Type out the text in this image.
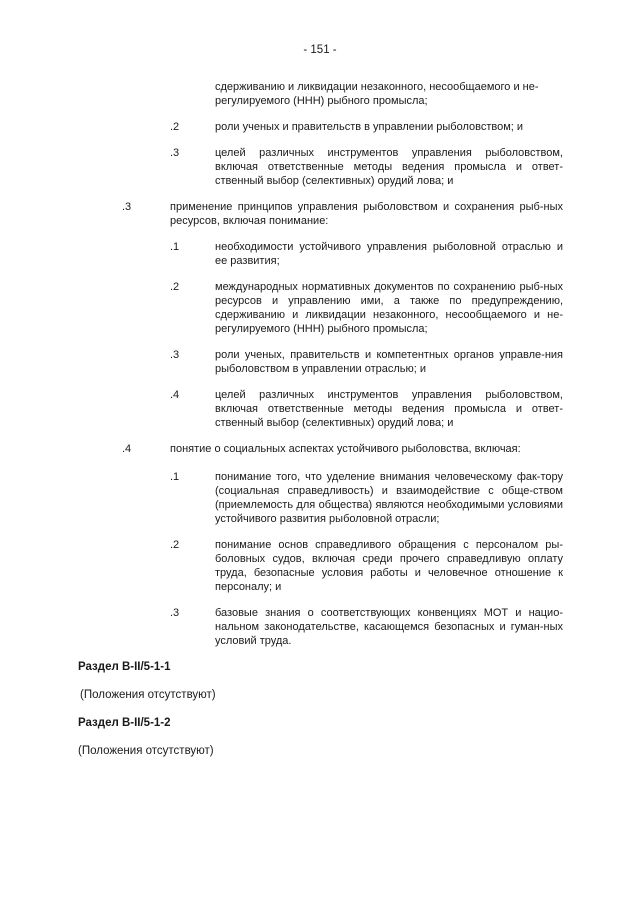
- 151 -
сдерживанию и ликвидации незаконного, несообщаемого и не-
регулируемого (ННН) рыбного промысла;
.2	роли ученых и правительств в управлении рыболовством; и
.3	целей различных инструментов управления рыболовством, включая ответственные методы ведения промысла и ответ-ственный выбор (селективных) орудий лова; и
.3	применение принципов управления рыболовством и сохранения рыб-ных ресурсов, включая понимание:
.1	необходимости устойчивого управления рыболовной отраслью и ее развития;
.2	международных нормативных документов по сохранению рыб-ных ресурсов и управлению ими, а также по предупреждению, сдерживанию и ликвидации незаконного, несообщаемого и не-регулируемого (ННН) рыбного промысла;
.3	роли ученых, правительств и компетентных органов управле-ния рыболовством в управлении отраслью; и
.4	целей различных инструментов управления рыболовством, включая ответственные методы ведения промысла и ответ-ственный выбор (селективных) орудий лова; и
.4	понятие о социальных аспектах устойчивого рыболовства, включая:
.1	понимание того, что уделение внимания человеческому фак-тору (социальная справедливость) и взаимодействие с обще-ством (приемлемость для общества) являются необходимыми условиями устойчивого развития рыболовной отрасли;
.2	понимание основ справедливого обращения с персоналом ры-боловных судов, включая среди прочего справедливую оплату труда, безопасные условия работы и человечное отношение к персоналу; и
.3	базовые знания о соответствующих конвенциях МОТ и нацио-нальном законодательстве, касающемся безопасных и гуман-ных условий труда.
Раздел B-II/5-1-1
(Положения отсутствуют)
Раздел B-II/5-1-2
(Положения отсутствуют)
